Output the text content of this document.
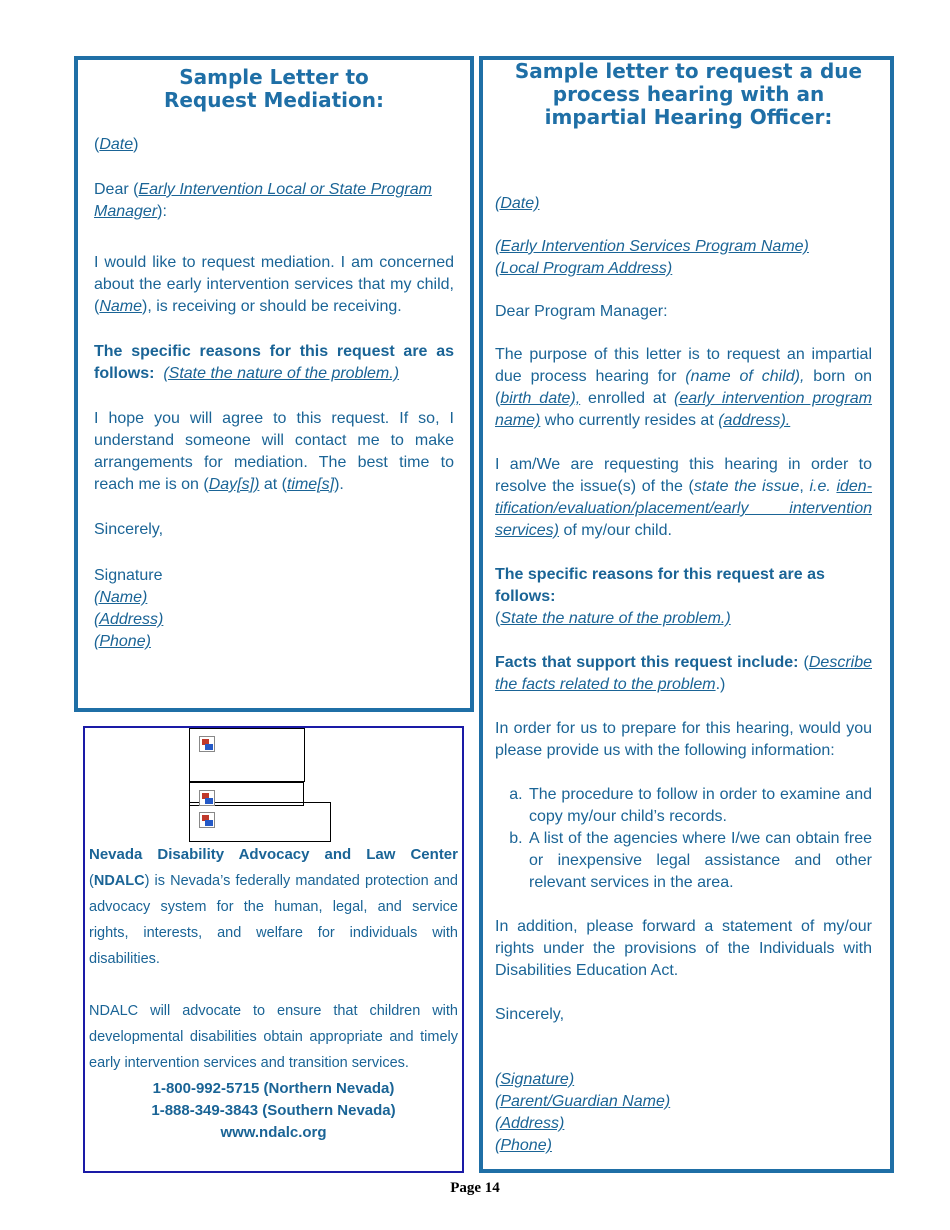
Sample Letter to Request Mediation:

(Date)

Dear (Early Intervention Local or State Program Manager):

I would like to request mediation. I am concerned about the early intervention services that my child, (Name), is receiving or should be receiving.

The specific reasons for this request are as follows: (State the nature of the problem.)

I hope you will agree to this request. If so, I understand someone will contact me to make arrangements for mediation. The best time to reach me is on (Day[s]) at (time[s]).

Sincerely,

Signature

(Name)

(Address)

(Phone)

Nevada Disability Advocacy and Law Center (NDALC) is Nevada’s federally mandated protection and advocacy system for the human, legal, and service rights, interests, and welfare for individuals with disabilities.

NDALC will advocate to ensure that children with developmental disabilities obtain appropriate and timely early intervention services and transition services.

1-800-992-5715 (Northern Nevada)

1-888-349-3843 (Southern Nevada)

www.ndalc.org

Sample letter to request a due process hearing with an impartial Hearing Officer:

(Date)

(Early Intervention Services Program Name)

(Local Program Address)

Dear Program Manager:

The purpose of this letter is to request an impartial due process hearing for (name of child), born on (birth date), enrolled at (early intervention program name) who currently resides at (address).

I am/We are requesting this hearing in order to resolve the issue(s) of the (state the issue, i.e. identification/evaluation/placement/early intervention services) of my/our child.

The specific reasons for this request are as follows:

(State the nature of the problem.)

Facts that support this request include: (Describe the facts related to the problem.)

In order for us to prepare for this hearing, would you please provide us with the following information:

a. The procedure to follow in order to examine and copy my/our child’s records.
b. A list of the agencies where I/we can obtain free or inexpensive legal assistance and other relevant services in the area.

In addition, please forward a statement of my/our rights under the provisions of the Individuals with Disabilities Education Act.

Sincerely,

(Signature)

(Parent/Guardian Name)

(Address)

(Phone)

Page 14
